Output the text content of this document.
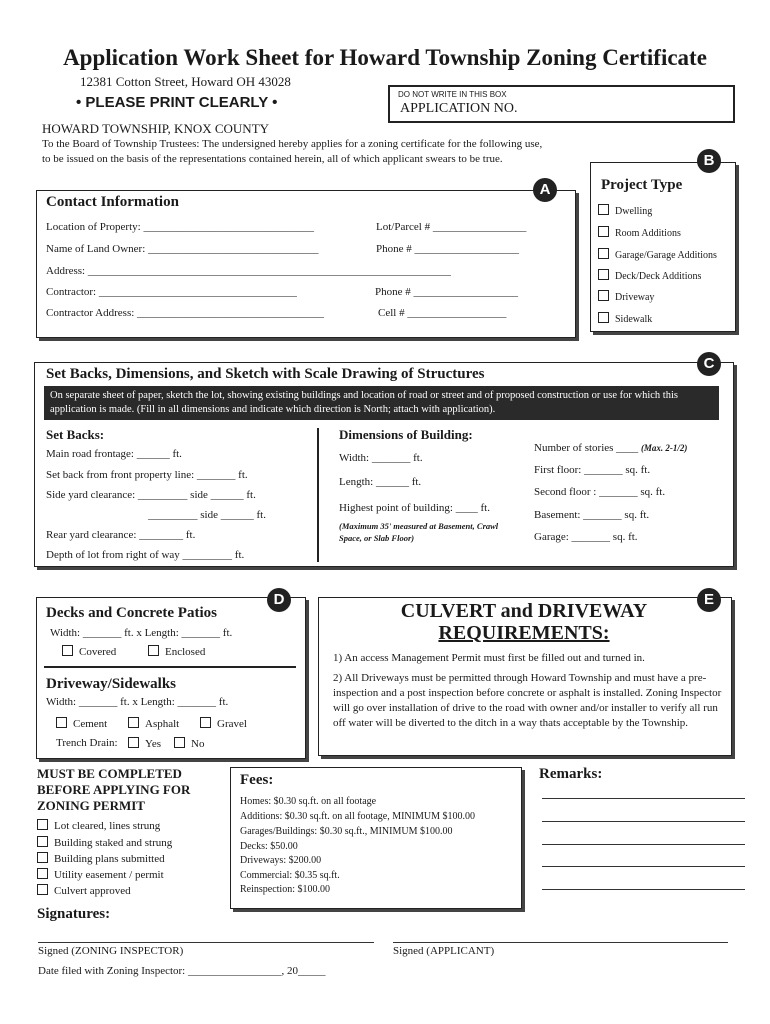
Application Work Sheet for Howard Township Zoning Certificate
12381 Cotton Street, Howard OH 43028
• PLEASE PRINT CLEARLY •	DO NOT WRITE IN THIS BOX
APPLICATION NO.
HOWARD TOWNSHIP, KNOX COUNTY
To the Board of Township Trustees: The undersigned hereby applies for a zoning certificate for the following use, to be issued on the basis of the representations contained herein, all of which applicant swears to be true.
A
Contact Information
Location of Property: _______________________________	Lot/Parcel # _________________
Name of Land Owner: _______________________________	Phone # ___________________
Address: __________________________________________________________________
Contractor: ____________________________________	Phone # ___________________
Contractor Address: __________________________________	Cell # __________________
B
Project Type
Dwelling
Room Additions
Garage/Garage Additions
Deck/Deck Additions
Driveway
Sidewalk
C
Set Backs, Dimensions, and Sketch with Scale Drawing of Structures
On separate sheet of paper, sketch the lot, showing existing buildings and location of road or street and of proposed construction or use for which this application is made. (Fill in all dimensions and indicate which direction is North; attach with application).
Set Backs:
Main road frontage: ______ ft.
Set back from front property line: _______ ft.
Side yard clearance: _________ side ______ ft.
_________ side ______ ft.
Rear yard clearance: ________ ft.
Depth of lot from right of way _________ ft.
Dimensions of Building:
Width: _______ ft.
Length: ______ ft.
Highest point of building: ____ ft.
(Maximum 35' measured at Basement, Crawl Space, or Slab Floor)
Number of stories ____ (Max. 2-1/2)
First floor: _______ sq. ft.
Second floor : _______ sq. ft.
Basement: _______ sq. ft.
Garage: _______ sq. ft.
D
Decks and Concrete Patios
Width: _______ ft. x Length: _______ ft.
Covered	Enclosed
Driveway/Sidewalks
Width: _______ ft. x Length: _______ ft.
Cement	Asphalt	Gravel
Trench Drain:	Yes	No
E
CULVERT and DRIVEWAY
REQUIREMENTS:
1) An access Management Permit must first be filled out and turned in.
2) All Driveways must be permitted through Howard Township and must have a pre-inspection and a post inspection before concrete or asphalt is installed. Zoning Inspector will go over installation of drive to the road with owner and/or installer to verify all run off water will be diverted to the ditch in a way thats acceptable by the Township.
MUST BE COMPLETED BEFORE APPLYING FOR ZONING PERMIT
Lot cleared, lines strung
Building staked and strung
Building plans submitted
Utility easement / permit
Culvert approved
Fees:
Homes: $0.30 sq.ft. on all footage
Additions: $0.30 sq.ft. on all footage, MINIMUM $100.00
Garages/Buildings: $0.30 sq.ft., MINIMUM $100.00
Decks: $50.00
Driveways: $200.00
Commercial: $0.35 sq.ft.
Reinspection: $100.00
Remarks:
Signatures:
Signed (ZONING INSPECTOR)	Signed (APPLICANT)
Date filed with Zoning Inspector: _________________, 20_____
